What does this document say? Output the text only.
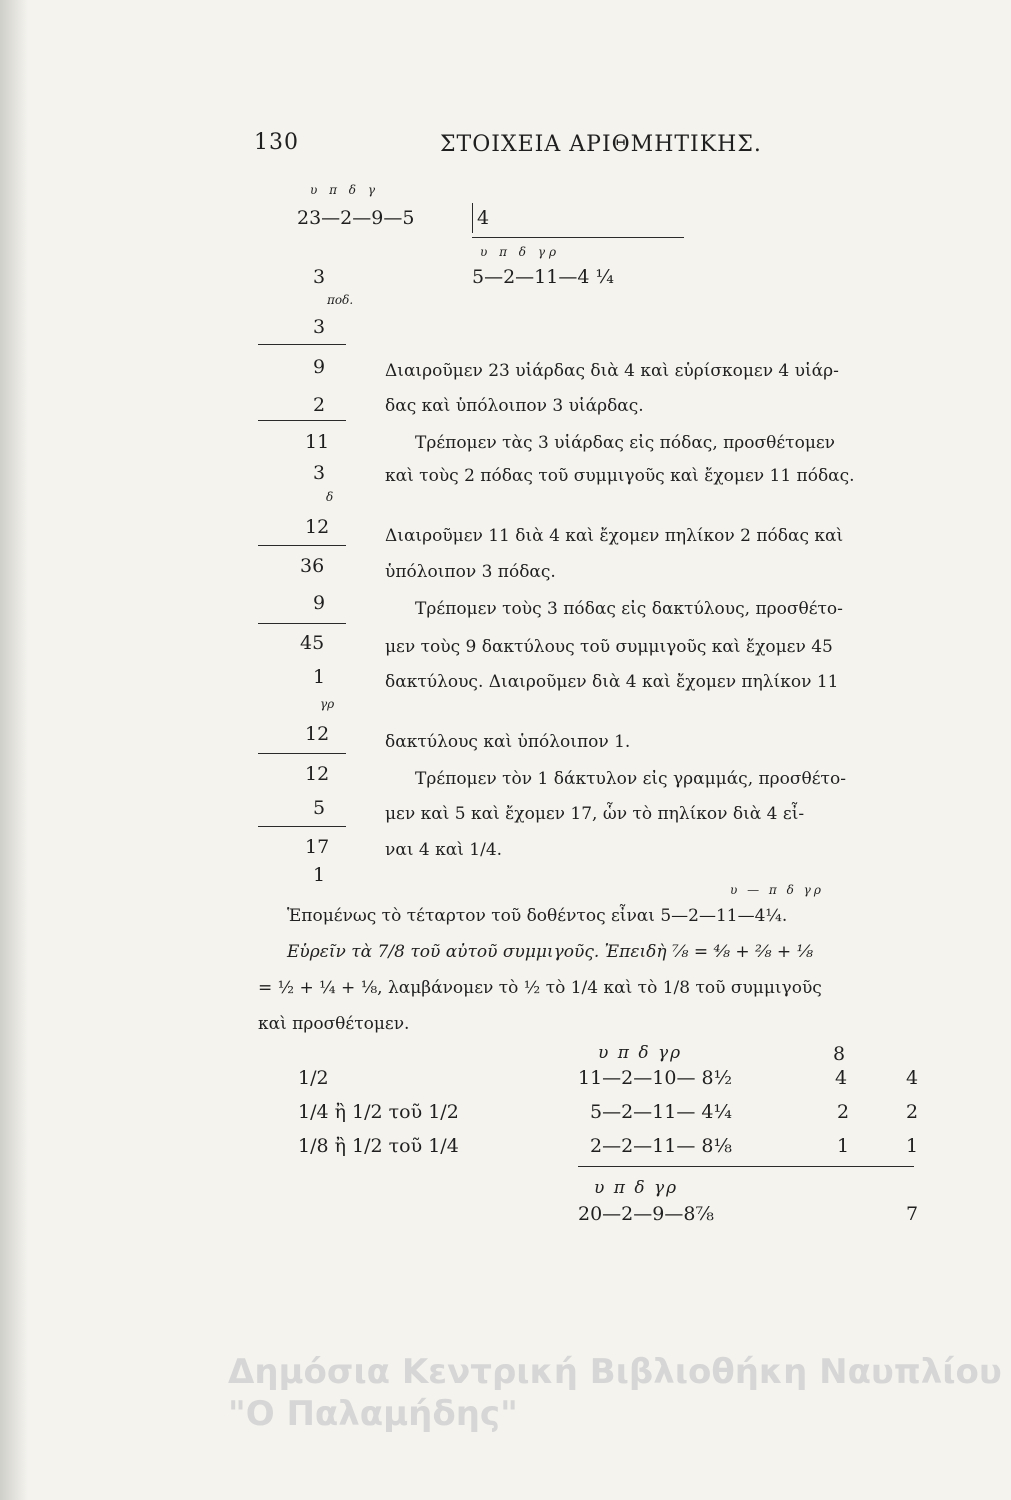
130	ΣΤΟΙΧΕΙΑ ΑΡΙΘΜΗΤΙΚΗΣ.
υ π δ γ
23—2—9—5	4
υ π δ γρ
5—2—11—4 ¼
3
ποδ.
3
9
2
11
3
δ
12
36
9
45
1
γρ
12
12
5
17
1
Διαιροῦμεν 23 υἱάρδας διὰ 4 καὶ εὑρίσκομεν 4 υἱάρ-
δας καὶ ὑπόλοιπον 3 υἱάρδας.
Τρέπομεν τὰς 3 υἱάρδας εἰς πόδας, προσθέτομεν
καὶ τοὺς 2 πόδας τοῦ συμμιγοῦς καὶ ἔχομεν 11 πόδας.
Διαιροῦμεν 11 διὰ 4 καὶ ἔχομεν πηλίκον 2 πόδας καὶ
ὑπόλοιπον 3 πόδας.
Τρέπομεν τοὺς 3 πόδας εἰς δακτύλους, προσθέτο-
μεν τοὺς 9 δακτύλους τοῦ συμμιγοῦς καὶ ἔχομεν 45
δακτύλους. Διαιροῦμεν διὰ 4 καὶ ἔχομεν πηλίκον 11
δακτύλους καὶ ὑπόλοιπον 1.
Τρέπομεν τὸν 1 δάκτυλον εἰς γραμμάς, προσθέτο-
μεν καὶ 5 καὶ ἔχομεν 17, ὧν τὸ πηλίκον διὰ 4 εἶ-
ναι 4 καὶ 1/4.
υ — π δ γρ
Ἑπομένως τὸ τέταρτον τοῦ δοθέντος εἶναι 5—2—11—4¼.
Εὑρεῖν τὰ 7/8 τοῦ αὐτοῦ συμμιγοῦς. Ἐπειδὴ ⅞ = ⁴⁄₈ + ²⁄₈ + ⅛
= ½ + ¼ + ⅛, λαμβάνομεν τὸ ½ τὸ 1/4 καὶ τὸ 1/8 τοῦ συμμιγοῦς
καὶ προσθέτομεν.
υ π δ γρ	8
1/2	11—2—10— 8½	4	4
1/4 ἢ 1/2 τοῦ 1/2	5—2—11— 4¼	2	2
1/8 ἢ 1/2 τοῦ 1/4	2—2—11— 8⅛	1	1
υ π δ γρ
20—2—9—8⅞	7
Δημόσια Κεντρική Βιβλιοθήκη Ναυπλίου
"Ο Παλαμήδης"
